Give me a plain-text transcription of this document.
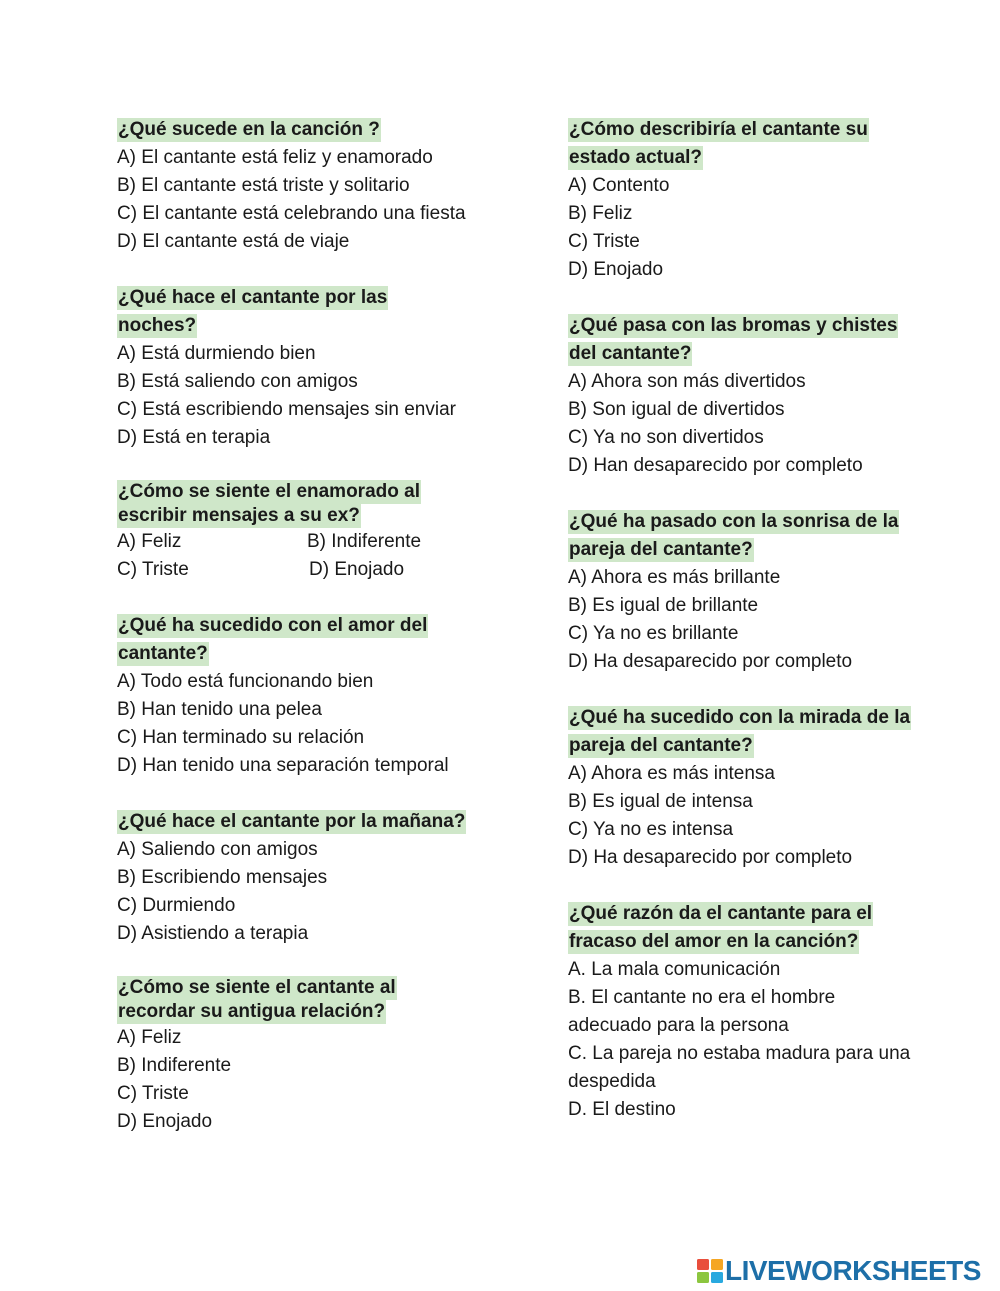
¿Qué sucede en la canción ?
A) El cantante está feliz y enamorado
B) El cantante está triste y solitario
C) El cantante está celebrando una fiesta
D) El cantante está de viaje
¿Qué hace el cantante por las
noches?
A) Está durmiendo bien
B) Está saliendo con amigos
C) Está escribiendo mensajes sin enviar
D) Está en terapia
¿Cómo se siente el enamorado al
escribir mensajes a su ex?
A) Feliz	B) Indiferente
C) Triste	D) Enojado
¿Qué ha sucedido con el amor del
cantante?
A) Todo está funcionando bien
B) Han tenido una pelea
C) Han terminado su relación
D) Han tenido una separación temporal
¿Qué hace el cantante por la mañana?
A) Saliendo con amigos
B) Escribiendo mensajes
C) Durmiendo
D) Asistiendo a terapia
¿Cómo se siente el cantante al
recordar su antigua relación?
A) Feliz
B) Indiferente
C) Triste
D) Enojado
¿Cómo describiría el cantante su
estado actual?
A) Contento
B) Feliz
C) Triste
D) Enojado
¿Qué pasa con las bromas y chistes
del cantante?
A) Ahora son más divertidos
B) Son igual de divertidos
C) Ya no son divertidos
D) Han desaparecido por completo
¿Qué ha pasado con la sonrisa de la
pareja del cantante?
A) Ahora es más brillante
B) Es igual de brillante
C) Ya no es brillante
D) Ha desaparecido por completo
¿Qué ha sucedido con la mirada de la
pareja del cantante?
A) Ahora es más intensa
B) Es igual de intensa
C) Ya no es intensa
D) Ha desaparecido por completo
¿Qué razón da el cantante para el
fracaso del amor en la canción?
A. La mala comunicación
B. El cantante no era el hombre
adecuado para la persona
C. La pareja no estaba madura para una
despedida
D. El destino
LIVEWORKSHEETS
